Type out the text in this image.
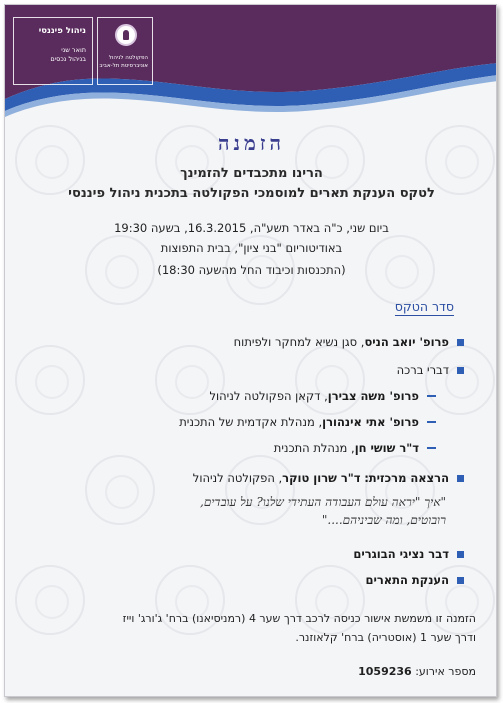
ניהול פיננסי
תואר שני
בניהול נכסים	הפקולטה לניהול
אוניברסיטת תל-אביב
הזמנה
הרינו מתכבדים להזמינך
לטקס הענקת תארים למוסמכי הפקולטה בתכנית ניהול פיננסי
ביום שני, כ"ה באדר תשע"ה, 16.3.2015, בשעה 19:30
באודיטוריום "בני ציון", בבית התפוצות
(התכנסות וכיבוד החל מהשעה 18:30)
סדר הטקס
פרופ' יואב הניס, סגן נשיא למחקר ולפיתוח
דברי ברכה
פרופ' משה צבירן, דקאן הפקולטה לניהול
פרופ' אתי אינהורן, מנהלת אקדמית של התכנית
ד"ר שושי חן, מנהלת התכנית
הרצאה מרכזית: ד"ר שרון טוקר, הפקולטה לניהול
"איך "יראה עולם העבודה העתידי שלנו? על עובדים,
רובוטים, ומה שביניהם...."
דבר נציגי הבוגרים
הענקת התארים
הזמנה זו משמשת אישור כניסה לרכב דרך שער 4 (רמניסיאנו) ברח' ג'ורג' וייז
ודרך שער 1 (אוסטריה) ברח' קלאוזנר.
מספר אירוע: 1059236
